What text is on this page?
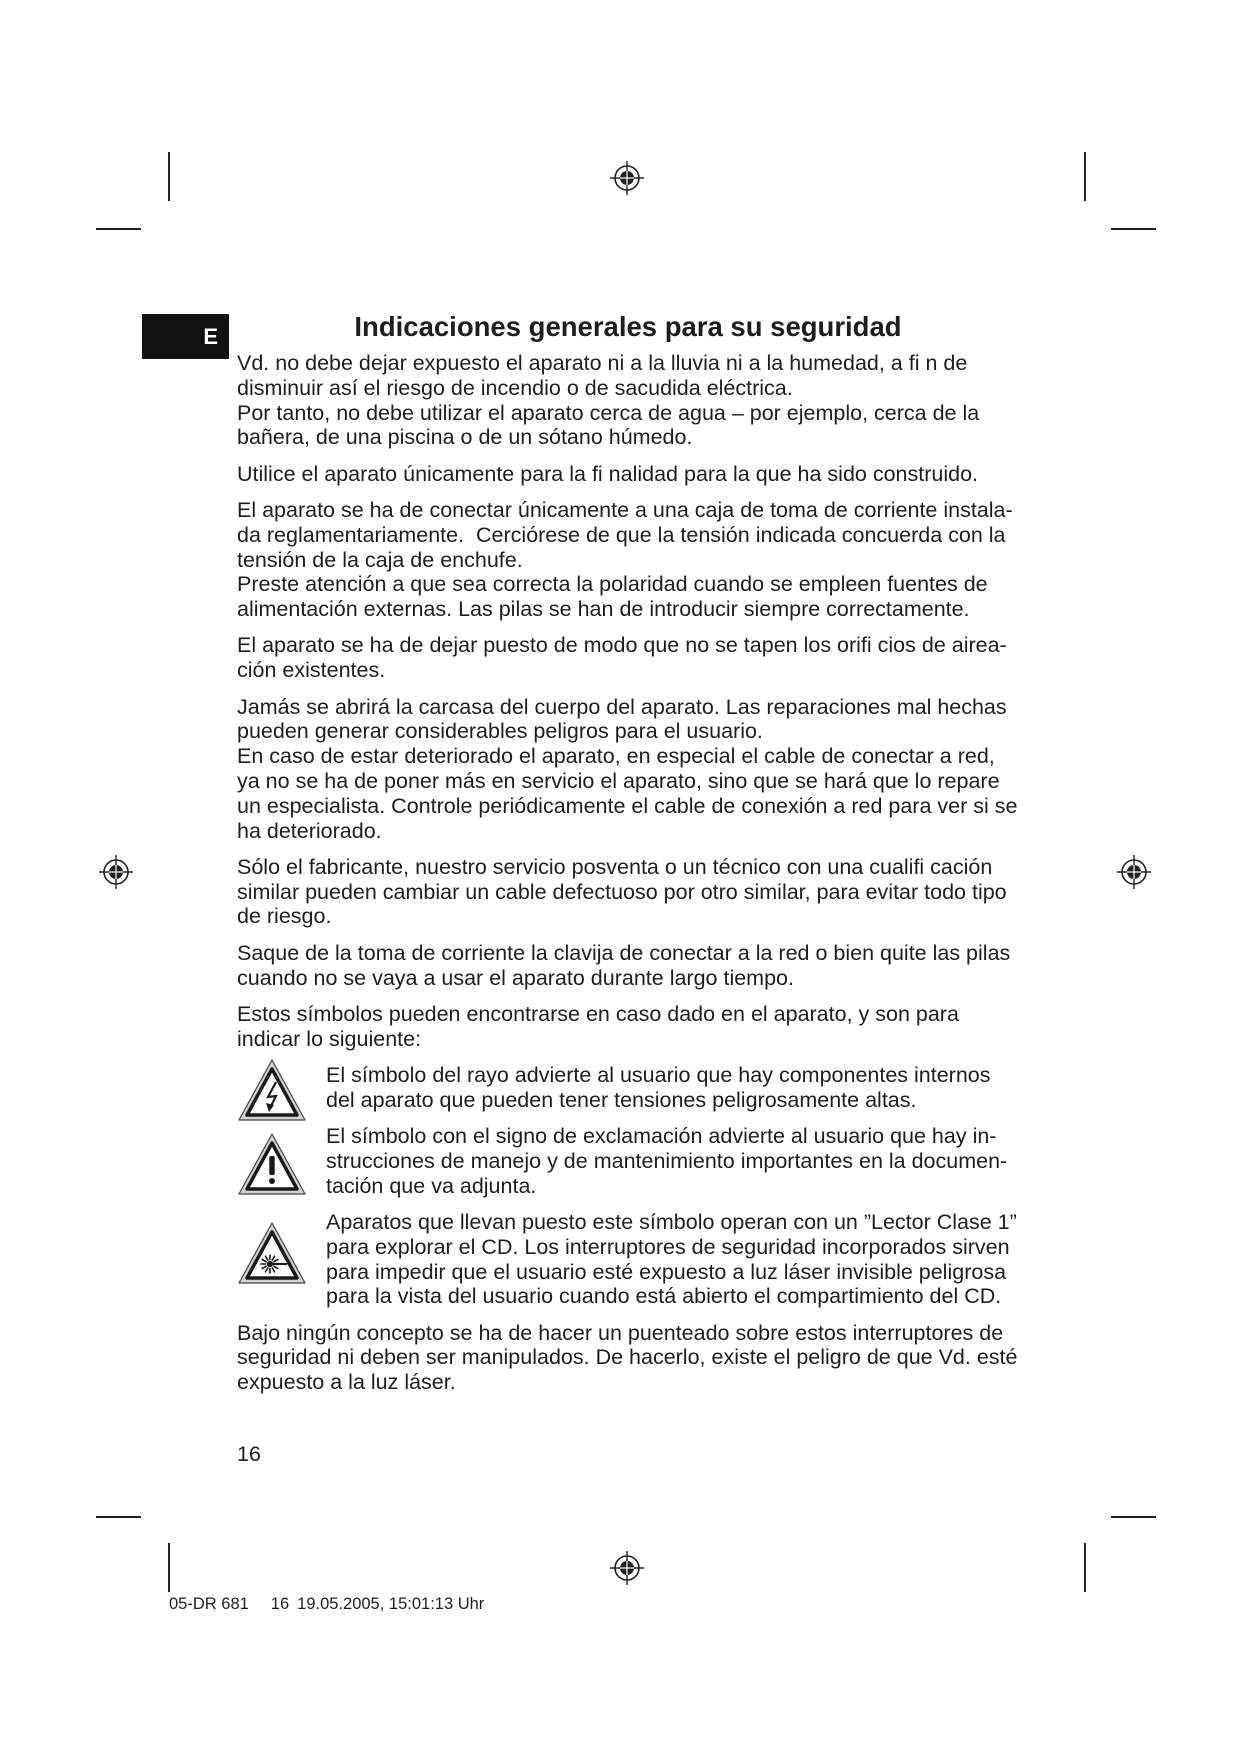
E	Indicaciones generales para su seguridad
Vd. no debe dejar expuesto el aparato ni a la lluvia ni a la humedad, a fi n de
disminuir así el riesgo de incendio o de sacudida eléctrica.
Por tanto, no debe utilizar el aparato cerca de agua – por ejemplo, cerca de la
bañera, de una piscina o de un sótano húmedo.
Utilice el aparato únicamente para la fi nalidad para la que ha sido construido.
El aparato se ha de conectar únicamente a una caja de toma de corriente instala-
da reglamentariamente.  Cerciórese de que la tensión indicada concuerda con la
tensión de la caja de enchufe.
Preste atención a que sea correcta la polaridad cuando se empleen fuentes de
alimentación externas. Las pilas se han de introducir siempre correctamente.
El aparato se ha de dejar puesto de modo que no se tapen los orifi cios de airea-
ción existentes.
Jamás se abrirá la carcasa del cuerpo del aparato. Las reparaciones mal hechas
pueden generar considerables peligros para el usuario.
En caso de estar deteriorado el aparato, en especial el cable de conectar a red,
ya no se ha de poner más en servicio el aparato, sino que se hará que lo repare
un especialista. Controle periódicamente el cable de conexión a red para ver si se
ha deteriorado.
Sólo el fabricante, nuestro servicio posventa o un técnico con una cualifi cación
similar pueden cambiar un cable defectuoso por otro similar, para evitar todo tipo
de riesgo.
Saque de la toma de corriente la clavija de conectar a la red o bien quite las pilas
cuando no se vaya a usar el aparato durante largo tiempo.
Estos símbolos pueden encontrarse en caso dado en el aparato, y son para
indicar lo siguiente:
El símbolo del rayo advierte al usuario que hay componentes internos
del aparato que pueden tener tensiones peligrosamente altas.
El símbolo con el signo de exclamación advierte al usuario que hay in-
strucciones de manejo y de mantenimiento importantes en la documen-
tación que va adjunta.
Aparatos que llevan puesto este símbolo operan con un ”Lector Clase 1”
para explorar el CD. Los interruptores de seguridad incorporados sirven
para impedir que el usuario esté expuesto a luz láser invisible peligrosa
para la vista del usuario cuando está abierto el compartimiento del CD.
Bajo ningún concepto se ha de hacer un puenteado sobre estos interruptores de
seguridad ni deben ser manipulados. De hacerlo, existe el peligro de que Vd. esté
expuesto a la luz láser.
16
05-DR 681 16 19.05.2005, 15:01:13 Uhr
